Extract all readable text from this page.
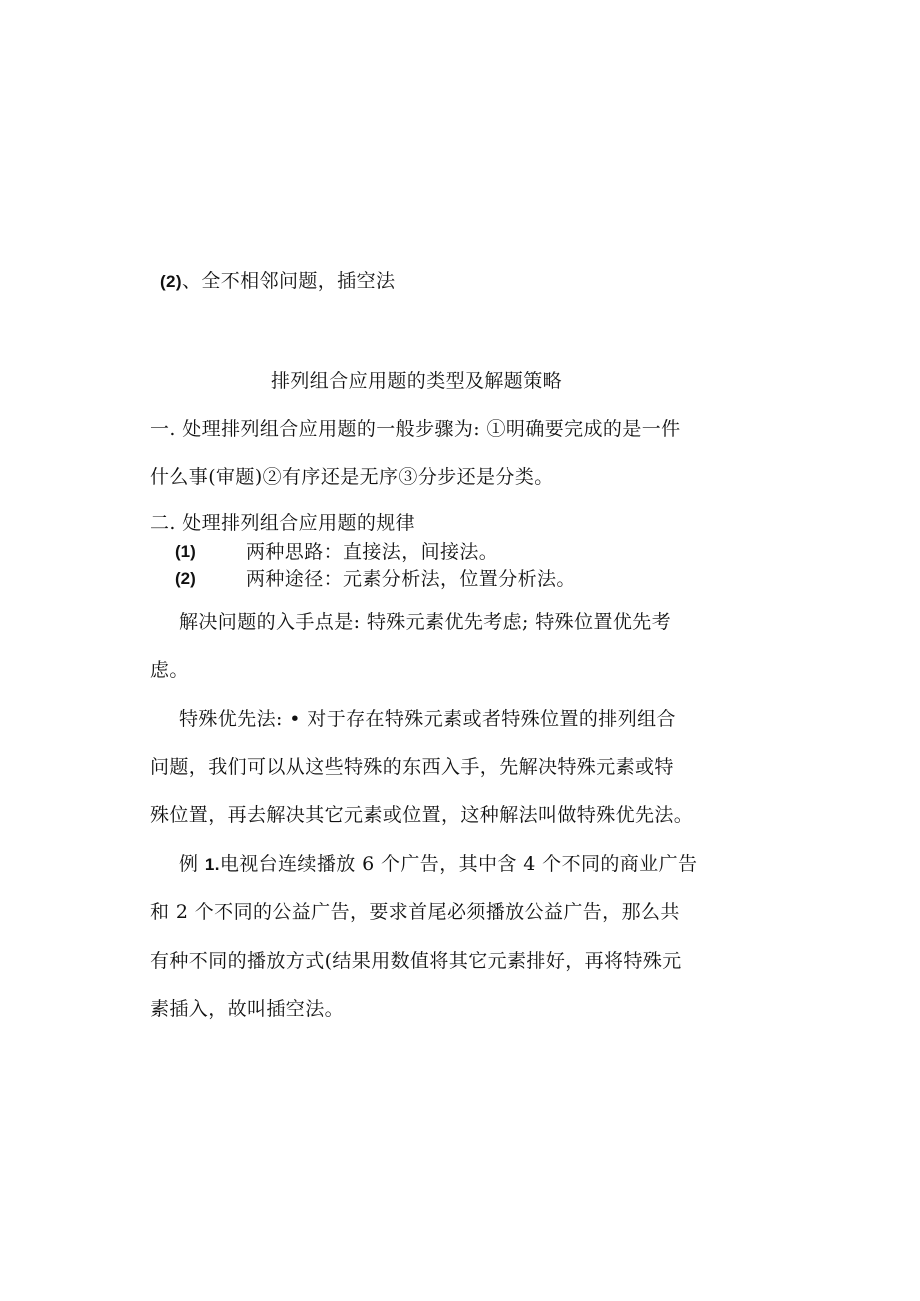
(2)、全不相邻问题，插空法
排列组合应用题的类型及解题策略
一. 处理排列组合应用题的一般步骤为: ①明确要完成的是一件
什么事(审题)②有序还是无序③分步还是分类。
二. 处理排列组合应用题的规律
(1)	两种思路：直接法，间接法。
(2)	两种途径：元素分析法，位置分析法。
解决问题的入手点是: 特殊元素优先考虑; 特殊位置优先考
虑。
特殊优先法: • 对于存在特殊元素或者特殊位置的排列组合
问题，我们可以从这些特殊的东西入手，先解决特殊元素或特
殊位置，再去解决其它元素或位置，这种解法叫做特殊优先法。
例 1.电视台连续播放 6 个广告，其中含 4 个不同的商业广告
和 2 个不同的公益广告，要求首尾必须播放公益广告，那么共
有种不同的播放方式(结果用数值将其它元素排好，再将特殊元
素插入，故叫插空法。
